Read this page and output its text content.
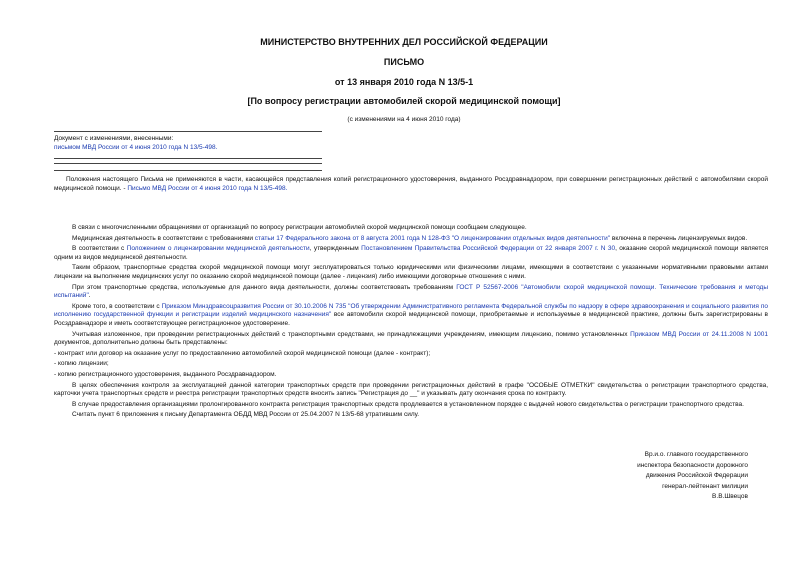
МИНИСТЕРСТВО ВНУТРЕННИХ ДЕЛ РОССИЙСКОЙ ФЕДЕРАЦИИ
ПИСЬМО
от 13 января 2010 года N 13/5-1
[По вопросу регистрации автомобилей скорой медицинской помощи]
(с изменениями на 4 июня 2010 года)
Документ с изменениями, внесенными:
письмом МВД России от 4 июня 2010 года N 13/5-498.
Положения настоящего Письма не применяются в части, касающейся представления копий регистрационного удостоверения, выданного Росздравнадзором, при совершении регистрационных действий с автомобилями скорой медицинской помощи. - Письмо МВД России от 4 июня 2010 года N 13/5-498.

В связи с многочисленными обращениями от организаций по вопросу регистрации автомобилей скорой медицинской помощи сообщаем следующее.

Медицинская деятельность в соответствии с требованиями статьи 17 Федерального закона от 8 августа 2001 года N 128-ФЗ "О лицензировании отдельных видов деятельности" включена в перечень лицензируемых видов.

В соответствии с Положением о лицензировании медицинской деятельности, утвержденным Постановлением Правительства Российской Федерации от 22 января 2007 г. N 30, оказание скорой медицинской помощи является одним из видов медицинской деятельности.

Таким образом, транспортные средства скорой медицинской помощи могут эксплуатироваться только юридическими или физическими лицами, имеющими в соответствии с указанными нормативными правовыми актами лицензии на выполнение медицинских услуг по оказанию скорой медицинской помощи (далее - лицензия) либо имеющими договорные отношения с ними.

При этом транспортные средства, используемые для данного вида деятельности, должны соответствовать требованиям ГОСТ Р 52567-2006 "Автомобили скорой медицинской помощи. Технические требования и методы испытаний".

Кроме того, в соответствии с Приказом Минздравсоцразвития России от 30.10.2006 N 735 "Об утверждении Административного регламента Федеральной службы по надзору в сфере здравоохранения и социального развития по исполнению государственной функции и регистрации изделий медицинского назначения" все автомобили скорой медицинской помощи, приобретаемые и используемые в медицинской практике, должны быть зарегистрированы в Росздравнадзоре и иметь соответствующее регистрационное удостоверение.

Учитывая изложенное, при проведении регистрационных действий с транспортными средствами, не принадлежащими учреждениям, имеющим лицензию, помимо установленных Приказом МВД России от 24.11.2008 N 1001 документов, дополнительно должны быть представлены:

- контракт или договор на оказание услуг по предоставлению автомобилей скорой медицинской помощи (далее - контракт);

- копию лицензии;

- копию регистрационного удостоверения, выданного Росздравнадзором.

В целях обеспечения контроля за эксплуатацией данной категории транспортных средств при проведении регистрационных действий в графе "ОСОБЫЕ ОТМЕТКИ" свидетельства о регистрации транспортного средства, карточки учета транспортных средств и реестра регистрации транспортных средств вносить запись "Регистрация до __" и указывать дату окончания срока по контракту.

В случае предоставления организациями пролонгированного контракта регистрация транспортных средств продлевается в установленном порядке с выдачей нового свидетельства о регистрации транспортного средства.

Считать пункт 6 приложения к письму Департамента ОБДД МВД России от 25.04.2007 N 13/5-68 утратившим силу.

Вр.и.о. главного государственного
инспектора безопасности дорожного
движения Российской Федерации
генерал-лейтенант милиции
В.В.Швецов
